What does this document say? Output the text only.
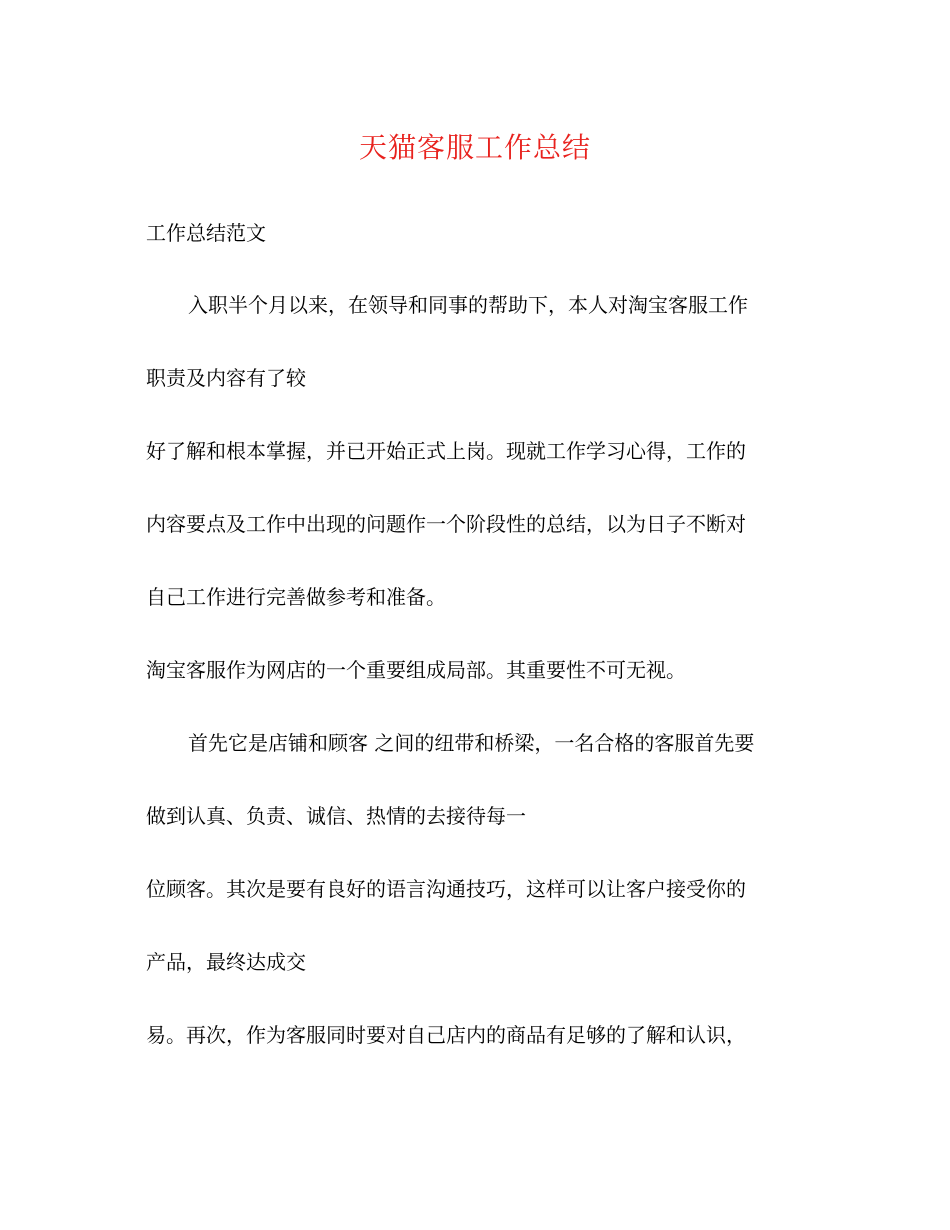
天猫客服工作总结
工作总结范文
入职半个月以来，在领导和同事的帮助下，本人对淘宝客服工作
职责及内容有了较
好了解和根本掌握，并已开始正式上岗。现就工作学习心得，工作的
内容要点及工作中出现的问题作一个阶段性的总结，以为日子不断对
自己工作进行完善做参考和准备。
淘宝客服作为网店的一个重要组成局部。其重要性不可无视。
首先它是店铺和顾客 之间的纽带和桥梁，一名合格的客服首先要
做到认真、负责、诚信、热情的去接待每一
位顾客。其次是要有良好的语言沟通技巧，这样可以让客户接受你的
产品，最终达成交
易。再次，作为客服同时要对自己店内的商品有足够的了解和认识，
